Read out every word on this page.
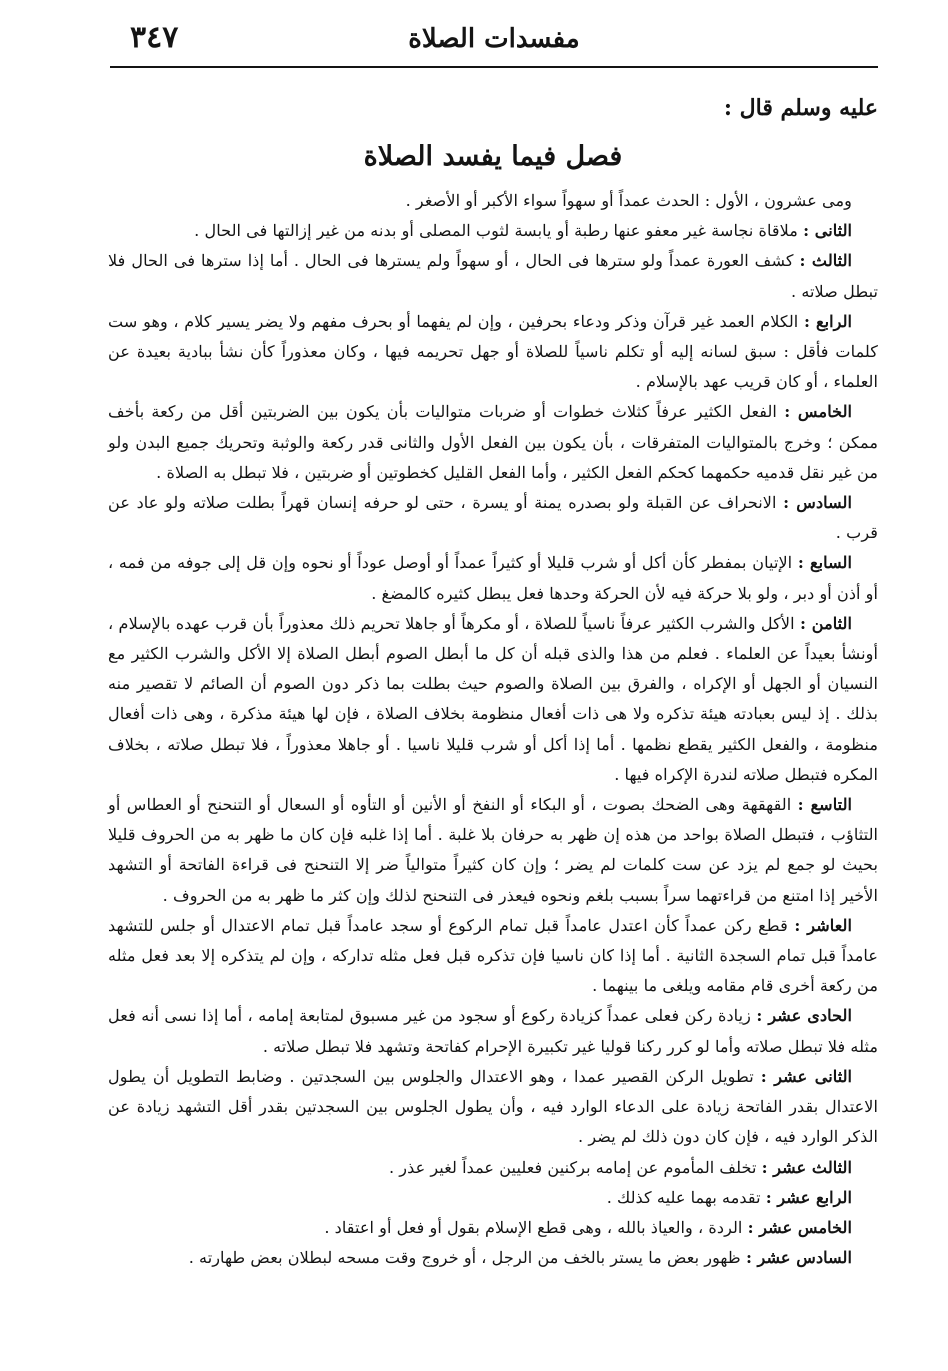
٣٤٧	مفسدات الصلاة

عليه وسلم قال :

فصل فيما يفسد الصلاة

ومى عشرون ، الأول : الحدث عمداً أو سهواً سواء الأكبر أو الأصغر .

الثانى : ملاقاة نجاسة غير معفو عنها رطبة أو يابسة لثوب المصلى أو بدنه من غير إزالتها فى الحال .

الثالث : كشف العورة عمداً ولو سترها فى الحال ، أو سهواً ولم يسترها فى الحال . أما إذا سترها فى الحال فلا تبطل صلاته .

الرابع : الكلام العمد غير قرآن وذكر ودعاء بحرفين ، وإن لم يفهما أو بحرف مفهم ولا يضر يسير كلام ، وهو ست كلمات فأقل : سبق لسانه إليه أو تكلم ناسياً للصلاة أو جهل تحريمه فيها ، وكان معذوراً كأن نشأ ببادية بعيدة عن العلماء ، أو كان قريب عهد بالإسلام .

الخامس : الفعل الكثير عرفاً كثلاث خطوات أو ضربات متواليات بأن يكون بين الضربتين أقل من ركعة بأخف ممكن ؛ وخرج بالمتواليات المتفرقات ، بأن يكون بين الفعل الأول والثانى قدر ركعة والوثبة وتحريك جميع البدن ولو من غير نقل قدميه حكمهما كحكم الفعل الكثير ، وأما الفعل القليل كخطوتين أو ضربتين ، فلا تبطل به الصلاة .

السادس : الانحراف عن القبلة ولو بصدره يمنة أو يسرة ، حتى لو حرفه إنسان قهراً بطلت صلاته ولو عاد عن قرب .

السابع : الإتيان بمفطر كأن أكل أو شرب قليلا أو كثيراً عمداً أو أوصل عوداً أو نحوه وإن قل إلى جوفه من فمه ، أو أذن أو دبر ، ولو بلا حركة فيه لأن الحركة وحدها فعل يبطل كثيره كالمضغ .

الثامن : الأكل والشرب الكثير عرفاً ناسياً للصلاة ، أو مكرهاً أو جاهلا تحريم ذلك معذوراً بأن قرب عهده بالإسلام ، أونشأ بعيداً عن العلماء . فعلم من هذا والذى قبله أن كل ما أبطل الصوم أبطل الصلاة إلا الأكل والشرب الكثير مع النسيان أو الجهل أو الإكراه ، والفرق بين الصلاة والصوم حيث بطلت بما ذكر دون الصوم أن الصائم لا تقصير منه بذلك . إذ ليس بعبادته هيئة تذكره ولا هى ذات أفعال منظومة بخلاف الصلاة ، فإن لها هيئة مذكرة ، وهى ذات أفعال منظومة ، والفعل الكثير يقطع نظمها . أما إذا أكل أو شرب قليلا ناسيا . أو جاهلا معذوراً ، فلا تبطل صلاته ، بخلاف المكره فتبطل صلاته لندرة الإكراه فيها .

التاسع : القهقهة وهى الضحك بصوت ، أو البكاء أو النفخ أو الأنين أو التأوه أو السعال أو التنحنح أو العطاس أو التثاؤب ، فتبطل الصلاة بواحد من هذه إن ظهر به حرفان بلا غلبة . أما إذا غلبه فإن كان ما ظهر به من الحروف قليلا بحيث لو جمع لم يزد عن ست كلمات لم يضر ؛ وإن كان كثيراً متوالياً ضر إلا التنحنح فى قراءة الفاتحة أو التشهد الأخير إذا امتنع من قراءتهما سراً بسبب بلغم ونحوه فيعذر فى التنحنح لذلك وإن كثر ما ظهر به من الحروف .

العاشر : قطع ركن عمداً كأن اعتدل عامداً قبل تمام الركوع أو سجد عامداً قبل تمام الاعتدال أو جلس للتشهد عامداً قبل تمام السجدة الثانية . أما إذا كان ناسيا فإن تذكره قبل فعل مثله تداركه ، وإن لم يتذكره إلا بعد فعل مثله من ركعة أخرى قام مقامه ويلغى ما بينهما .

الحادى عشر : زيادة ركن فعلى عمداً كزيادة ركوع أو سجود من غير مسبوق لمتابعة إمامه ، أما إذا نسى أنه فعل مثله فلا تبطل صلاته وأما لو كرر ركنا قوليا غير تكبيرة الإحرام كفاتحة وتشهد فلا تبطل صلاته .

الثانى عشر : تطويل الركن القصير عمدا ، وهو الاعتدال والجلوس بين السجدتين . وضابط التطويل أن يطول الاعتدال بقدر الفاتحة زيادة على الدعاء الوارد فيه ، وأن يطول الجلوس بين السجدتين بقدر أقل التشهد زيادة عن الذكر الوارد فيه ، فإن كان دون ذلك لم يضر .

الثالث عشر : تخلف المأموم عن إمامه بركنين فعليين عمداً لغير عذر .

الرابع عشر : تقدمه بهما عليه كذلك .

الخامس عشر : الردة ، والعياذ بالله ، وهى قطع الإسلام بقول أو فعل أو اعتقاد .

السادس عشر : ظهور بعض ما يستر بالخف من الرجل ، أو خروج وقت مسحه لبطلان بعض طهارته .
